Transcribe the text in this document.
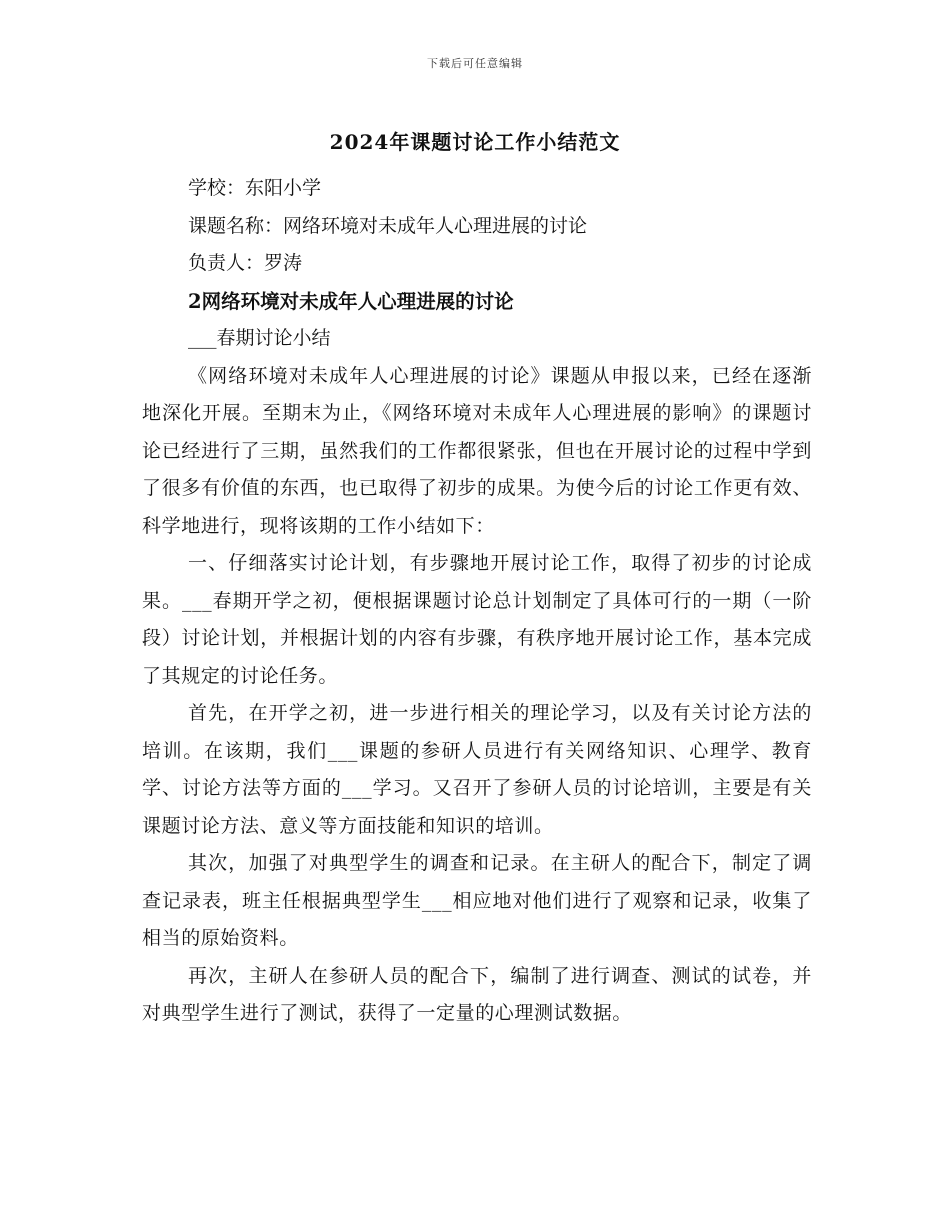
下载后可任意编辑
2024年课题讨论工作小结范文
学校：东阳小学
课题名称：网络环境对未成年人心理进展的讨论
负责人：罗涛
2网络环境对未成年人心理进展的讨论
___春期讨论小结

《网络环境对未成年人心理进展的讨论》课题从申报以来，已经在逐渐地深化开展。至期末为止，《网络环境对未成年人心理进展的影响》的课题讨论已经进行了三期，虽然我们的工作都很紧张，但也在开展讨论的过程中学到了很多有价值的东西，也已取得了初步的成果。为使今后的讨论工作更有效、科学地进行，现将该期的工作小结如下：

一、仔细落实讨论计划，有步骤地开展讨论工作，取得了初步的讨论成果。___春期开学之初，便根据课题讨论总计划制定了具体可行的一期（一阶段）讨论计划，并根据计划的内容有步骤，有秩序地开展讨论工作，基本完成了其规定的讨论任务。

首先，在开学之初，进一步进行相关的理论学习，以及有关讨论方法的培训。在该期，我们___课题的参研人员进行有关网络知识、心理学、教育学、讨论方法等方面的___学习。又召开了参研人员的讨论培训，主要是有关课题讨论方法、意义等方面技能和知识的培训。

其次，加强了对典型学生的调查和记录。在主研人的配合下，制定了调查记录表，班主任根据典型学生___相应地对他们进行了观察和记录，收集了相当的原始资料。

再次，主研人在参研人员的配合下，编制了进行调查、测试的试卷，并对典型学生进行了测试，获得了一定量的心理测试数据。
